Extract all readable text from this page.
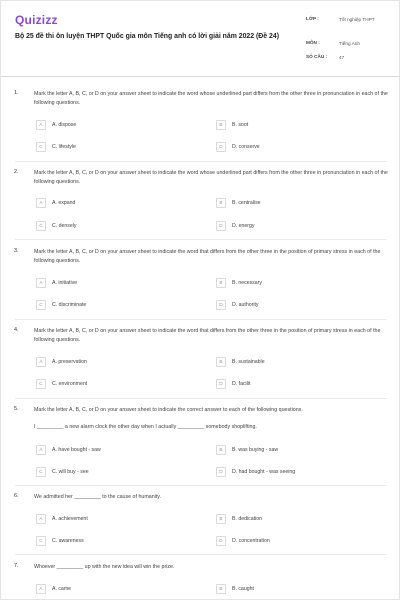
Quizizz
Bộ 25 đề thi ôn luyện THPT Quốc gia môn Tiếng anh có lời giải năm 2022 (Đề 24)
LỚP :	Tốt nghiệp THPT
MÔN :	Tiếng Anh
SỐ CÂU :	47
1.	Mark the letter A, B, C, or D on your answer sheet to indicate the word whose underlined part differs from the other three in pronunciation in each of the following questions.
A	A. dispose	B	B. soot
C	C. lifestyle	D	D. conserve
2.	Mark the letter A, B, C, or D on your answer sheet to indicate the word whose underlined part differs from the other three in pronunciation in each of the following questions.
A	A. expand	B	B. centralise
C	C. densely	D	D. energy
3.	Mark the letter A, B, C, or D on your answer sheet to indicate the word that differs from the other three in the position of primary stress in each of the following questions.
A	A. initiative	B	B. necessary
C	C. discriminate	D	D. authority
4.	Mark the letter A, B, C, or D on your answer sheet to indicate the word that differs from the other three in the position of primary stress in each of the following questions.
A	A. preservation	B	B. sustainable
C	C. environment	D	D. facilit
5.	Mark the letter A, B, C, or D on your answer sheet to indicate the correct answer to each of the following questions.
I _________ a new alarm clock the other day when I actually _________ somebody shoplifting.
A	A. have bought - saw	B	B. was buying - saw
C	C. will buy - see	D	D. had bought - was seeing
6.	We admitted her _________ to the cause of humanity.
A	A. achievement	B	B. dedication
C	C. awareness	D	D. concentration
7.	Whoever _________ up with the new idea will win the prize.
A	A. came	B	B. caught
